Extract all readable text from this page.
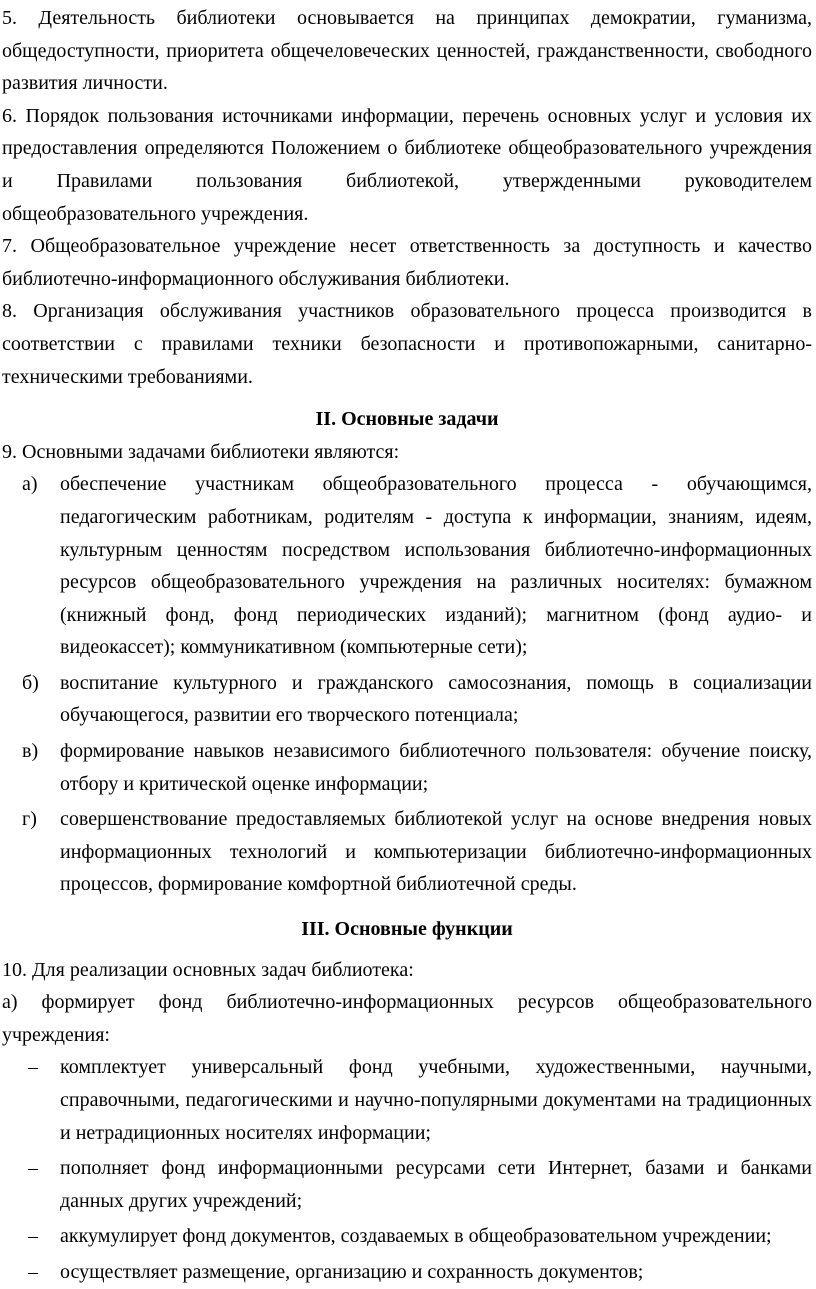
5. Деятельность библиотеки основывается на принципах демократии, гуманизма, общедоступности, приоритета общечеловеческих ценностей, гражданственности, свободного развития личности.

6. Порядок пользования источниками информации, перечень основных услуг и условия их предоставления определяются Положением о библиотеке общеобразовательного учреждения и Правилами пользования библиотекой, утвержденными руководителем общеобразовательного учреждения.

7. Общеобразовательное учреждение несет ответственность за доступность и качество библиотечно-информационного обслуживания библиотеки.

8. Организация обслуживания участников образовательного процесса производится в соответствии с правилами техники безопасности и противопожарными, санитарно-техническими требованиями.

II. Основные задачи

9. Основными задачами библиотеки являются:

а)	обеспечение участникам общеобразовательного процесса - обучающимся, педагогическим работникам, родителям - доступа к информации, знаниям, идеям, культурным ценностям посредством использования библиотечно-информационных ресурсов общеобразовательного учреждения на различных носителях: бумажном (книжный фонд, фонд периодических изданий); магнитном (фонд аудио- и видеокассет); коммуникативном (компьютерные сети);
б)	воспитание культурного и гражданского самосознания, помощь в социализации обучающегося, развитии его творческого потенциала;
в)	формирование навыков независимого библиотечного пользователя: обучение поиску, отбору и критической оценке информации;
г)	совершенствование предоставляемых библиотекой услуг на основе внедрения новых информационных технологий и компьютеризации библиотечно-информационных процессов, формирование комфортной библиотечной среды.
III. Основные функции

10. Для реализации основных задач библиотека:

а) формирует фонд библиотечно-информационных ресурсов общеобразовательного учреждения:

– комплектует универсальный фонд учебными, художественными, научными, справочными, педагогическими и научно-популярными документами на традиционных и нетрадиционных носителях информации;
– пополняет фонд информационными ресурсами сети Интернет, базами и банками данных других учреждений;
– аккумулирует фонд документов, создаваемых в общеобразовательном учреждении;
– осуществляет размещение, организацию и сохранность документов;
